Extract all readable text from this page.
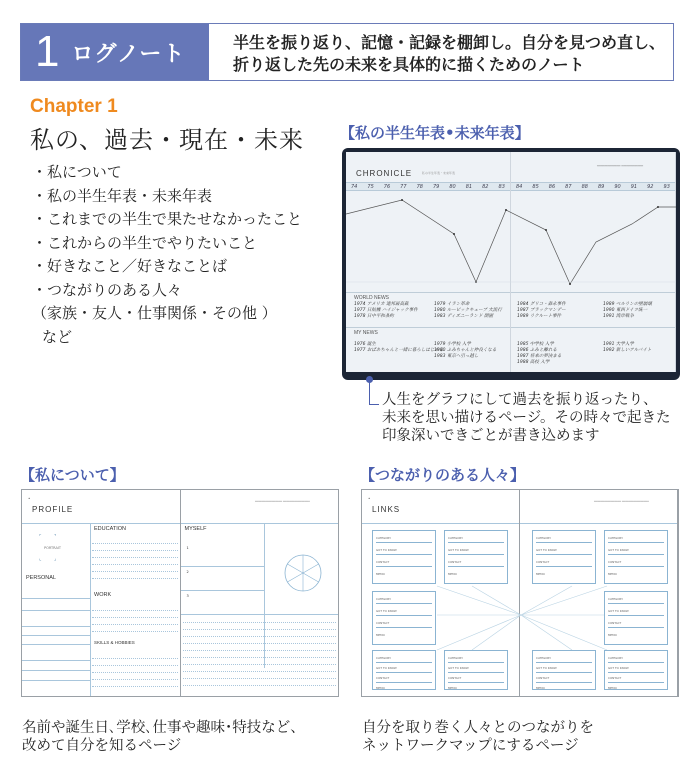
1 ログノート	半生を振り返り、記憶・記録を棚卸し。自分を見つめ直し、
折り返した先の未来を具体的に描くためのノート
Chapter 1
私の、過去・現在・未来
・私について
・私の半生年表・未来年表
・これまでの半生で果たせなかったこと
・これからの半生でやりたいこと
・好きなこと／好きなことば
・つながりのある人々
（家族・友人・仕事関係・その他 ）
など
【私の半生年表•未来年表】
CHRONICLE	私の半生年表・未来年表
74 75 76 77 78 79 80 81 82 83
WORLD NEWS
1974 アメリカ 連邦最高裁
1977 日航機 ハイジャック事件
1978 日中平和条約
1979 イラン革命
1980 ルービックキューブ 大流行
1983 ディズニーランド 開園
MY NEWS
1976 誕生
1977 おばあちゃんと一緒に暮らしはじめる
1979 小学校 入学
1980 ふみちゃんと仲良くなる
1983 東京へ引っ越し
━━━━━━━━━━━━━ ━━━━━━━━━━━━
84 85 86 87 88 89 90 91 92 93
1984 グリコ・森永事件
1987 ブラックマンデー
1989 リクルート事件
1989 ベルリンの壁崩壊
1990 東西ドイツ統一
1991 湾岸戦争
1985 中学校 入学
1986 ふみと離れる
1987 将来の夢決まる
1988 高校 入学
1991 大学入学
1992 新しいアルバイト
人生をグラフにして過去を振り返ったり、
未来を思い描けるページ。その時々で起きた
印象深いできごとが書き込めます
【私について】
•
PROFILE
PORTRAIT
⌜        ⌝
⌞        ⌟
PERSONAL
EDUCATION
WORK
SKILLS & HOBBIES
━━━━━━━━━━━━━━━━ ━━━━━━━━━━━━━━━━
MYSELF
1
2
3
名前や誕生日､学校､仕事や趣味･特技など、
改めて自分を知るページ
【つながりのある人々】
•
LINKS
━━━━━━━━━━━━━━━━ ━━━━━━━━━━━━━━━━
CATEGORY
GOT TO KNOW
CONTACT
MEMO
CATEGORY
GOT TO KNOW
CONTACT
MEMO
CATEGORY
GOT TO KNOW
CONTACT
MEMO
CATEGORY
GOT TO KNOW
CONTACT
MEMO
CATEGORY
GOT TO KNOW
CONTACT
MEMO
CATEGORY
GOT TO KNOW
CONTACT
MEMO
CATEGORY
GOT TO KNOW
CONTACT
MEMO
CATEGORY
GOT TO KNOW
CONTACT
MEMO
CATEGORY
GOT TO KNOW
CONTACT
MEMO
CATEGORY
GOT TO KNOW
CONTACT
MEMO
自分を取り巻く人々とのつながりを
ネットワークマップにするページ
